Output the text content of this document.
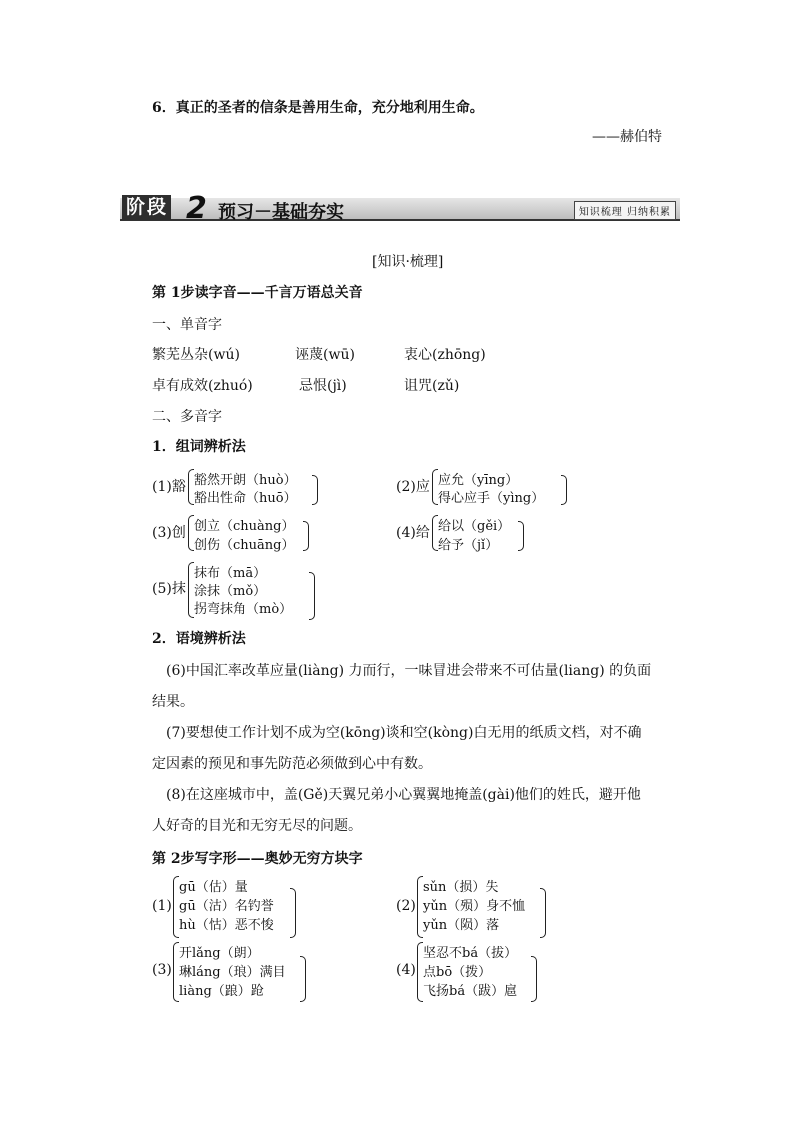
6．真正的圣者的信条是善用生命，充分地利用生命。
——赫伯特
阶段 2 预习－基础夯实	知识梳理 归纳积累
[知识·梳理]
第 1步读字音——千言万语总关音
一、单音字
繁芜丛杂(wú)	诬蔑(wū)	衷心(zhōng)
卓有成效(zhuó)	忌恨(jì)	诅咒(zǔ)
二、多音字
1．组词辨析法
(1)豁 豁然开朗（huò）
豁出性命（huō）
(2)应 应允（yīng）
得心应手（yìng）
(3)创 创立（chuàng）
创伤（chuāng）
(4)给 给以（gěi）
给予（jǐ）
(5)抹
抹布（mā）
涂抹（mǒ）
拐弯抹角（mò）
2．语境辨析法
(6)中国汇率改革应量(liàng) 力而行，一味冒进会带来不可估量(liang) 的负面
结果。
(7)要想使工作计划不成为空(kōng)谈和空(kòng)白无用的纸质文档，对不确
定因素的预见和事先防范必须做到心中有数。
(8)在这座城市中，盖(Gě)天翼兄弟小心翼翼地掩盖(gài)他们的姓氏，避开他
人好奇的目光和无穷无尽的问题。
第 2步写字形——奥妙无穷方块字
(1)
gū（估）量
gū（沽）名钓誉
hù（怙）恶不悛
(2)
sǔn（损）失
yǔn（殒）身不恤
yǔn（陨）落
(3)
开lǎng（朗）
琳láng（琅）满目
liàng（踉）跄
(4)
坚忍不bá（拔）
点bō（拨）
飞扬bá（跋）扈
